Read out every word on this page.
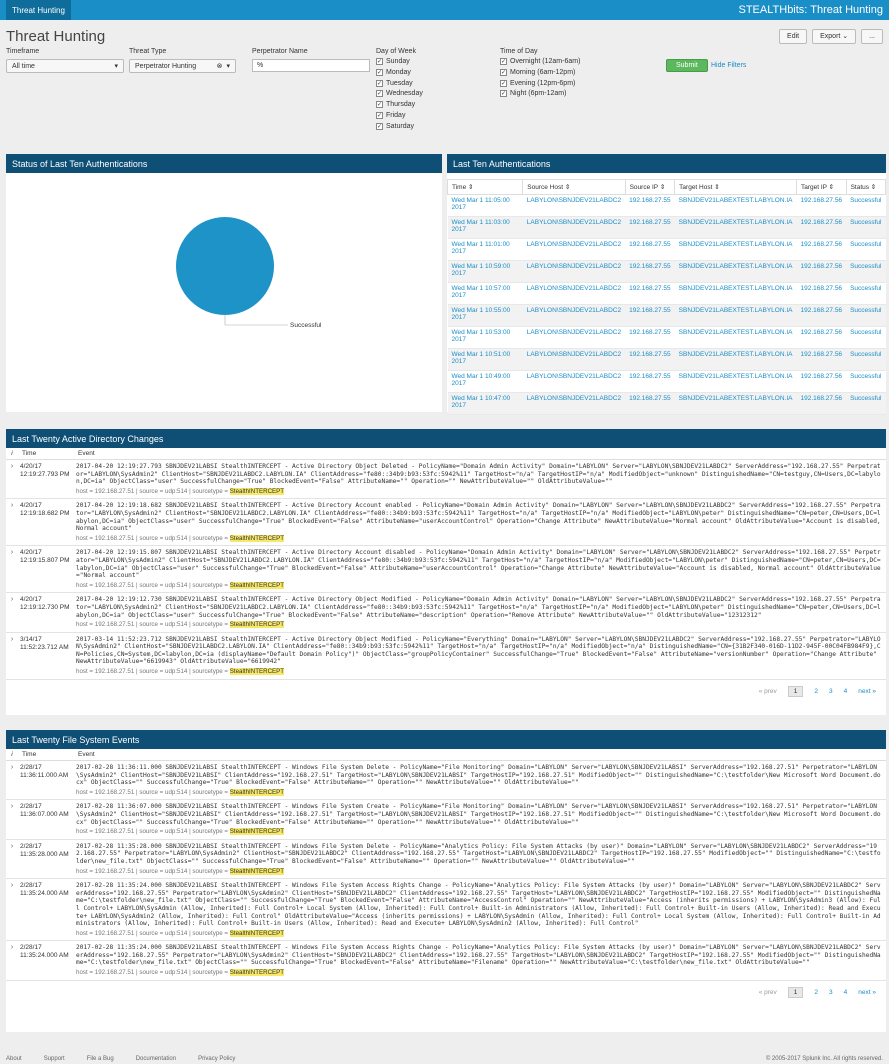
Threat Hunting	STEALTHbits: Threat Hunting
Threat Hunting	Edit	Export ⌄	...
Timeframe
All time	▾
Threat Type
Perpetrator Hunting	⊗ ▾
Perpetrator Name
%
Day of Week
✓ Sunday
✓ Monday
✓ Tuesday
✓ Wednesday
✓ Thursday
✓ Friday
✓ Saturday
Time of Day
✓ Overnight (12am-6am)
✓ Morning (6am-12pm)
✓ Evening (12pm-6pm)
✓ Night (6pm-12am)
Submit	Hide Filters
Status of Last Ten Authentications
Successful
Last Ten Authentications
Time ⇕	Source Host ⇕	Source IP ⇕	Target Host ⇕	Target IP ⇕	Status ⇕
Wed Mar 1 11:05:00 2017	LABYLON\SBNJDEV21LABDC2	192.168.27.55	SBNJDEV21LABEXTEST.LABYLON.IA	192.168.27.56	Successful
Wed Mar 1 11:03:00 2017	LABYLON\SBNJDEV21LABDC2	192.168.27.55	SBNJDEV21LABEXTEST.LABYLON.IA	192.168.27.56	Successful
Wed Mar 1 11:01:00 2017	LABYLON\SBNJDEV21LABDC2	192.168.27.55	SBNJDEV21LABEXTEST.LABYLON.IA	192.168.27.56	Successful
Wed Mar 1 10:59:00 2017	LABYLON\SBNJDEV21LABDC2	192.168.27.55	SBNJDEV21LABEXTEST.LABYLON.IA	192.168.27.56	Successful
Wed Mar 1 10:57:00 2017	LABYLON\SBNJDEV21LABDC2	192.168.27.55	SBNJDEV21LABEXTEST.LABYLON.IA	192.168.27.56	Successful
Wed Mar 1 10:55:00 2017	LABYLON\SBNJDEV21LABDC2	192.168.27.55	SBNJDEV21LABEXTEST.LABYLON.IA	192.168.27.56	Successful
Wed Mar 1 10:53:00 2017	LABYLON\SBNJDEV21LABDC2	192.168.27.55	SBNJDEV21LABEXTEST.LABYLON.IA	192.168.27.56	Successful
Wed Mar 1 10:51:00 2017	LABYLON\SBNJDEV21LABDC2	192.168.27.55	SBNJDEV21LABEXTEST.LABYLON.IA	192.168.27.56	Successful
Wed Mar 1 10:49:00 2017	LABYLON\SBNJDEV21LABDC2	192.168.27.55	SBNJDEV21LABEXTEST.LABYLON.IA	192.168.27.56	Successful
Wed Mar 1 10:47:00 2017	LABYLON\SBNJDEV21LABDC2	192.168.27.55	SBNJDEV21LABEXTEST.LABYLON.IA	192.168.27.56	Successful
Last Twenty Active Directory Changes
i	Time	Event
›	4/20/17 12:19:27.793 PM	2017-04-20 12:19:27.793 SBNJDEV21LABSI StealthINTERCEPT - Active Directory Object Deleted - PolicyName="Domain Admin Activity" Domain="LABYLON" Server="LABYLON\SBNJDEV21LABDC2" ServerAddress="192.168.27.55" Perpetrator="LABYLON\SysAdmin2" ClientHost="SBNJDEV21LABDC2.LABYLON.IA" ClientAddress="fe80::34b9:b93:53fc:5942%11" TargetHost="n/a" TargetHostIP="n/a" ModifiedObject="unknown" DistinguishedName="CN=testguy,CN=Users,DC=labylon,DC=ia" ObjectClass="user" SuccessfulChange="True" BlockedEvent="False" AttributeName="" Operation="" NewAttributeValue="" OldAttributeValue=""
host = 192.168.27.51 | source = udp:514 | sourcetype = StealthINTERCEPT

›	4/20/17 12:19:18.682 PM	2017-04-20 12:19:18.682 SBNJDEV21LABSI StealthINTERCEPT - Active Directory Account enabled - PolicyName="Domain Admin Activity" Domain="LABYLON" Server="LABYLON\SBNJDEV21LABDC2" ServerAddress="192.168.27.55" Perpetrator="LABYLON\SysAdmin2" ClientHost="SBNJDEV21LABDC2.LABYLON.IA" ClientAddress="fe80::34b9:b93:53fc:5942%11" TargetHost="n/a" TargetHostIP="n/a" ModifiedObject="LABYLON\peter" DistinguishedName="CN=peter,CN=Users,DC=labylon,DC=ia" ObjectClass="user" SuccessfulChange="True" BlockedEvent="False" AttributeName="userAccountControl" Operation="Change Attribute" NewAttributeValue="Normal account" OldAttributeValue="Account is disabled, Normal account"
host = 192.168.27.51 | source = udp:514 | sourcetype = StealthINTERCEPT

›	4/20/17 12:19:15.807 PM	2017-04-20 12:19:15.807 SBNJDEV21LABSI StealthINTERCEPT - Active Directory Account disabled - PolicyName="Domain Admin Activity" Domain="LABYLON" Server="LABYLON\SBNJDEV21LABDC2" ServerAddress="192.168.27.55" Perpetrator="LABYLON\SysAdmin2" ClientHost="SBNJDEV21LABDC2.LABYLON.IA" ClientAddress="fe80::34b9:b93:53fc:5942%11" TargetHost="n/a" TargetHostIP="n/a" ModifiedObject="LABYLON\peter" DistinguishedName="CN=peter,CN=Users,DC=labylon,DC=ia" ObjectClass="user" SuccessfulChange="True" BlockedEvent="False" AttributeName="userAccountControl" Operation="Change Attribute" NewAttributeValue="Account is disabled, Normal account" OldAttributeValue="Normal account"
host = 192.168.27.51 | source = udp:514 | sourcetype = StealthINTERCEPT

›	4/20/17 12:19:12.730 PM	2017-04-20 12:19:12.730 SBNJDEV21LABSI StealthINTERCEPT - Active Directory Object Modified - PolicyName="Domain Admin Activity" Domain="LABYLON" Server="LABYLON\SBNJDEV21LABDC2" ServerAddress="192.168.27.55" Perpetrator="LABYLON\SysAdmin2" ClientHost="SBNJDEV21LABDC2.LABYLON.IA" ClientAddress="fe80::34b9:b93:53fc:5942%11" TargetHost="n/a" TargetHostIP="n/a" ModifiedObject="LABYLON\peter" DistinguishedName="CN=peter,CN=Users,DC=labylon,DC=ia" ObjectClass="user" SuccessfulChange="True" BlockedEvent="False" AttributeName="description" Operation="Remove Attribute" NewAttributeValue="" OldAttributeValue="12312312"
host = 192.168.27.51 | source = udp:514 | sourcetype = StealthINTERCEPT

›	3/14/17 11:52:23.712 AM	2017-03-14 11:52:23.712 SBNJDEV21LABSI StealthINTERCEPT - Active Directory Object Modified - PolicyName="Everything" Domain="LABYLON" Server="LABYLON\SBNJDEV21LABDC2" ServerAddress="192.168.27.55" Perpetrator="LABYLON\SysAdmin2" ClientHost="SBNJDEV21LABDC2.LABYLON.IA" ClientAddress="fe80::34b9:b93:53fc:5942%11" TargetHost="n/a" TargetHostIP="n/a" ModifiedObject="n/a" DistinguishedName="CN={31B2F340-016D-11D2-945F-00C04FB984F9},CN=Policies,CN=System,DC=labylon,DC=ia (displayName="Default Domain Policy")" ObjectClass="groupPolicyContainer" SuccessfulChange="True" BlockedEvent="False" AttributeName="versionNumber" Operation="Change Attribute" NewAttributeValue="6619943" OldAttributeValue="6619942"
host = 192.168.27.51 | source = udp:514 | sourcetype = StealthINTERCEPT
« prev	1	2 3 4 next »
Last Twenty File System Events
i	Time	Event
›	2/28/17 11:36:11.000 AM	2017-02-28 11:36:11.000 SBNJDEV21LABSI StealthINTERCEPT - Windows File System Delete - PolicyName="File Monitoring" Domain="LABYLON" Server="LABYLON\SBNJDEV21LABSI" ServerAddress="192.168.27.51" Perpetrator="LABYLON\SysAdmin2" ClientHost="SBNJDEV21LABSI" ClientAddress="192.168.27.51" TargetHost="LABYLON\SBNJDEV21LABSI" TargetHostIP="192.168.27.51" ModifiedObject="" DistinguishedName="C:\testfolder\New Microsoft Word Document.docx" ObjectClass="" SuccessfulChange="True" BlockedEvent="False" AttributeName="" Operation="" NewAttributeValue="" OldAttributeValue=""
host = 192.168.27.51 | source = udp:514 | sourcetype = StealthINTERCEPT

›	2/28/17 11:36:07.000 AM	2017-02-28 11:36:07.000 SBNJDEV21LABSI StealthINTERCEPT - Windows File System Create - PolicyName="File Monitoring" Domain="LABYLON" Server="LABYLON\SBNJDEV21LABSI" ServerAddress="192.168.27.51" Perpetrator="LABYLON\SysAdmin2" ClientHost="SBNJDEV21LABSI" ClientAddress="192.168.27.51" TargetHost="LABYLON\SBNJDEV21LABSI" TargetHostIP="192.168.27.51" ModifiedObject="" DistinguishedName="C:\testfolder\New Microsoft Word Document.docx" ObjectClass="" SuccessfulChange="True" BlockedEvent="False" AttributeName="" Operation="" NewAttributeValue="" OldAttributeValue=""
host = 192.168.27.51 | source = udp:514 | sourcetype = StealthINTERCEPT

›	2/28/17 11:35:28.000 AM	2017-02-28 11:35:28.000 SBNJDEV21LABSI StealthINTERCEPT - Windows File System Delete - PolicyName="Analytics Policy: File System Attacks (by user)" Domain="LABYLON" Server="LABYLON\SBNJDEV21LABDC2" ServerAddress="192.168.27.55" Perpetrator="LABYLON\SysAdmin2" ClientHost="SBNJDEV21LABDC2" ClientAddress="192.168.27.55" TargetHost="LABYLON\SBNJDEV21LABDC2" TargetHostIP="192.168.27.55" ModifiedObject="" DistinguishedName="C:\testfolder\new_file.txt" ObjectClass="" SuccessfulChange="True" BlockedEvent="False" AttributeName="" Operation="" NewAttributeValue="" OldAttributeValue=""
host = 192.168.27.51 | source = udp:514 | sourcetype = StealthINTERCEPT

›	2/28/17 11:35:24.000 AM	2017-02-28 11:35:24.000 SBNJDEV21LABSI StealthINTERCEPT - Windows File System Access Rights Change - PolicyName="Analytics Policy: File System Attacks (by user)" Domain="LABYLON" Server="LABYLON\SBNJDEV21LABDC2" ServerAddress="192.168.27.55" Perpetrator="LABYLON\SysAdmin2" ClientHost="SBNJDEV21LABDC2" ClientAddress="192.168.27.55" TargetHost="LABYLON\SBNJDEV21LABDC2" TargetHostIP="192.168.27.55" ModifiedObject="" DistinguishedName="C:\testfolder\new_file.txt" ObjectClass="" SuccessfulChange="True" BlockedEvent="False" AttributeName="AccessControl" Operation="" NewAttributeValue="Access (inherits permissions) + LABYLON\SysAdmin3 (Allow): Full Control+ LABYLON\SysAdmin (Allow, Inherited): Full Control+ Local System (Allow, Inherited): Full Control+ Built-in Administrators (Allow, Inherited): Full Control+ Built-in Users (Allow, Inherited): Read and Execute+ LABYLON\SysAdmin2 (Allow, Inherited): Full Control" OldAttributeValue="Access (inherits permissions) + LABYLON\SysAdmin (Allow, Inherited): Full Control+ Local System (Allow, Inherited): Full Control+ Built-in Administrators (Allow, Inherited): Full Control+ Built-in Users (Allow, Inherited): Read and Execute+ LABYLON\SysAdmin2 (Allow, Inherited): Full Control"
host = 192.168.27.51 | source = udp:514 | sourcetype = StealthINTERCEPT

›	2/28/17 11:35:24.000 AM	2017-02-28 11:35:24.000 SBNJDEV21LABSI StealthINTERCEPT - Windows File System Access Rights Change - PolicyName="Analytics Policy: File System Attacks (by user)" Domain="LABYLON" Server="LABYLON\SBNJDEV21LABDC2" ServerAddress="192.168.27.55" Perpetrator="LABYLON\SysAdmin2" ClientHost="SBNJDEV21LABDC2" ClientAddress="192.168.27.55" TargetHost="LABYLON\SBNJDEV21LABDC2" TargetHostIP="192.168.27.55" ModifiedObject="" DistinguishedName="C:\testfolder\new_file.txt" ObjectClass="" SuccessfulChange="True" BlockedEvent="False" AttributeName="Filename" Operation="" NewAttributeValue="C:\testfolder\new_file.txt" OldAttributeValue=""
host = 192.168.27.51 | source = udp:514 | sourcetype = StealthINTERCEPT
« prev	1	2 3 4 next »
About	Support	File a Bug	Documentation	Privacy Policy	© 2005-2017 Splunk Inc. All rights reserved.
